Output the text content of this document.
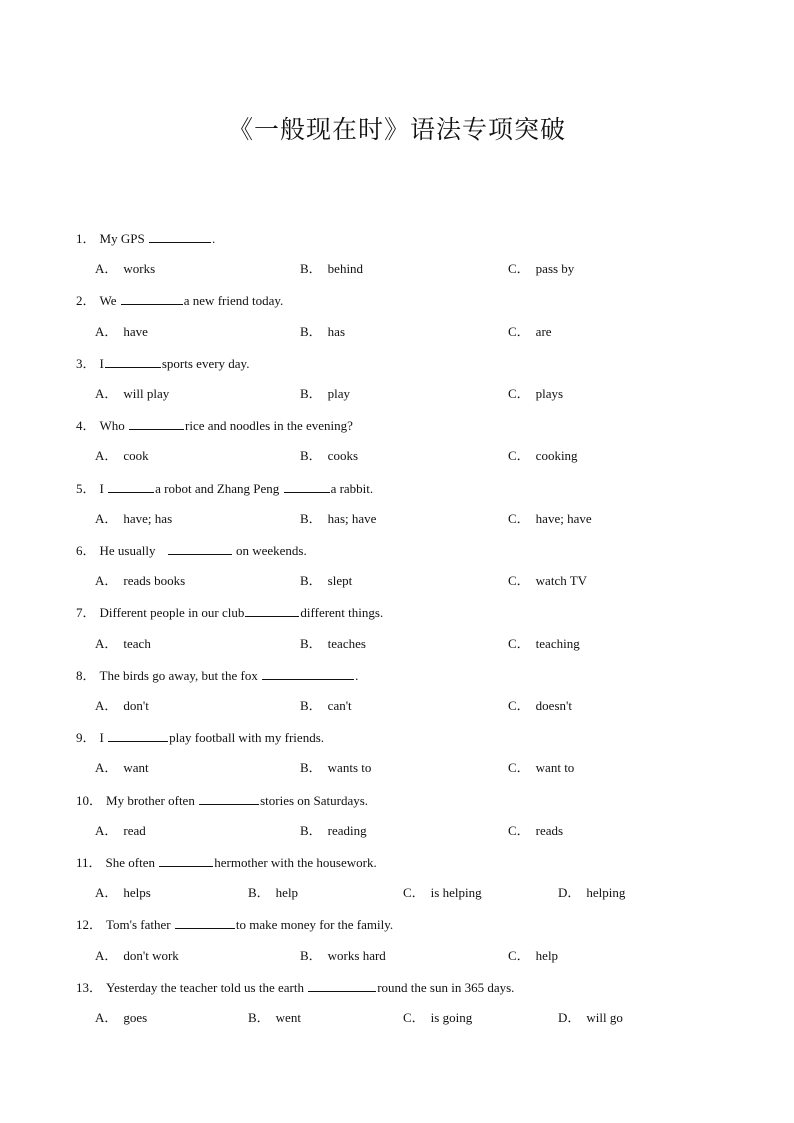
《一般现在时》语法专项突破
1． My GPS	.
A． works	B． behind	C． pass by
2． We	a new friend today.
A． have	B． has	C． are
3． I	sports every day.
A． will play	B． play	C． plays
4． Who	rice and noodles in the evening?
A． cook	B． cooks	C． cooking
5． I	a robot and Zhang Peng	a rabbit.
A． have; has	B． has; have	C． have; have
6． He usually	on weekends.
A． reads books	B． slept	C． watch TV
7． Different people in our club	different things.
A． teach	B． teaches	C． teaching
8． The birds go away, but the fox	.
A． don't	B． can't	C． doesn't
9． I	play football with my friends.
A． want	B． wants to	C． want to
10． My brother often	stories on Saturdays.
A． read	B． reading	C． reads
11． She often	hermother with the housework.
A． helps	B． help	C． is helping	D． helping
12． Tom's father	to make money for the family.
A． don't work	B． works hard	C． help
13． Yesterday the teacher told us the earth	round the sun in 365 days.
A． goes	B． went	C． is going	D． will go
